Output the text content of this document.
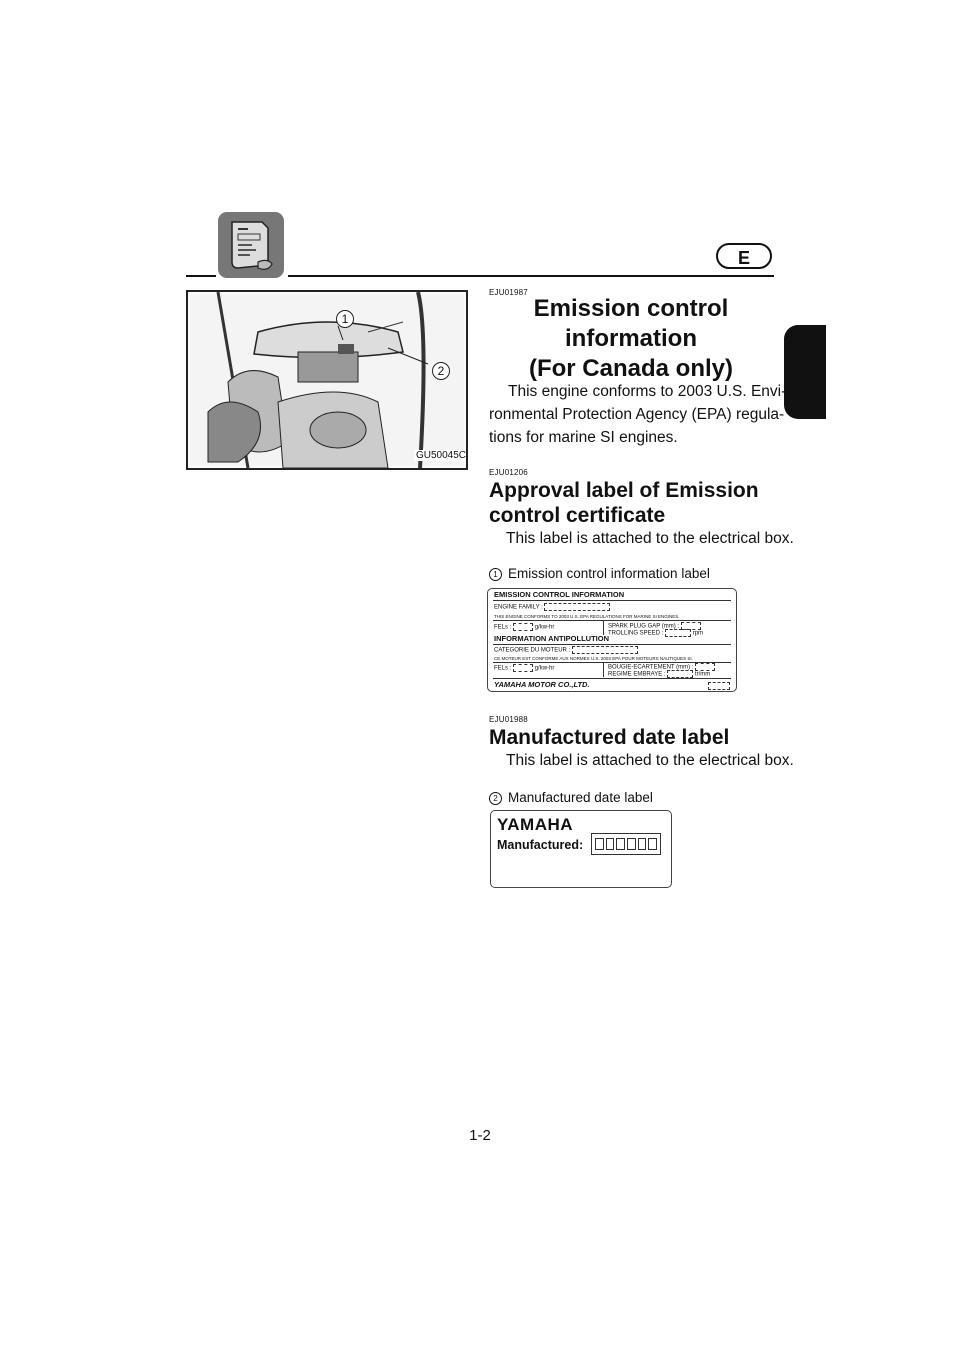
E
1
2
GU50045C
EJU01987
Emission control
information
(For Canada only)
This engine conforms to 2003 U.S. Envi-
ronmental Protection Agency (EPA) regula-
tions for marine SI engines.
EJU01206
Approval label of Emission
control certificate
This label is attached to the electrical box.
1 Emission control information label
EMISSION CONTROL INFORMATION
ENGINE FAMILY :
THIS ENGINE CONFORMS TO 2003 U.S. EPA REGULATIONS FOR MARINE SI ENGINES.
FELs :	g/kw-hr	SPARK PLUG GAP (mm) :
TROLLING SPEED :	rpm
INFORMATION ANTIPOLLUTION
CATEGORIE DU MOTEUR :
CE MOTEUR EST CONFORME AUX NORMES U.S. 2003 EPA POUR MOTEURS NAUTIQUES SI.
FELs :	g/kw-hr	BOUGIE-ECARTEMENT (mm) :
REGIME EMBRAYE :	tr/mm
YAMAHA MOTOR CO.,LTD.
EJU01988
Manufactured date label
This label is attached to the electrical box.
2 Manufactured date label
YAMAHA
Manufactured:
1-2
